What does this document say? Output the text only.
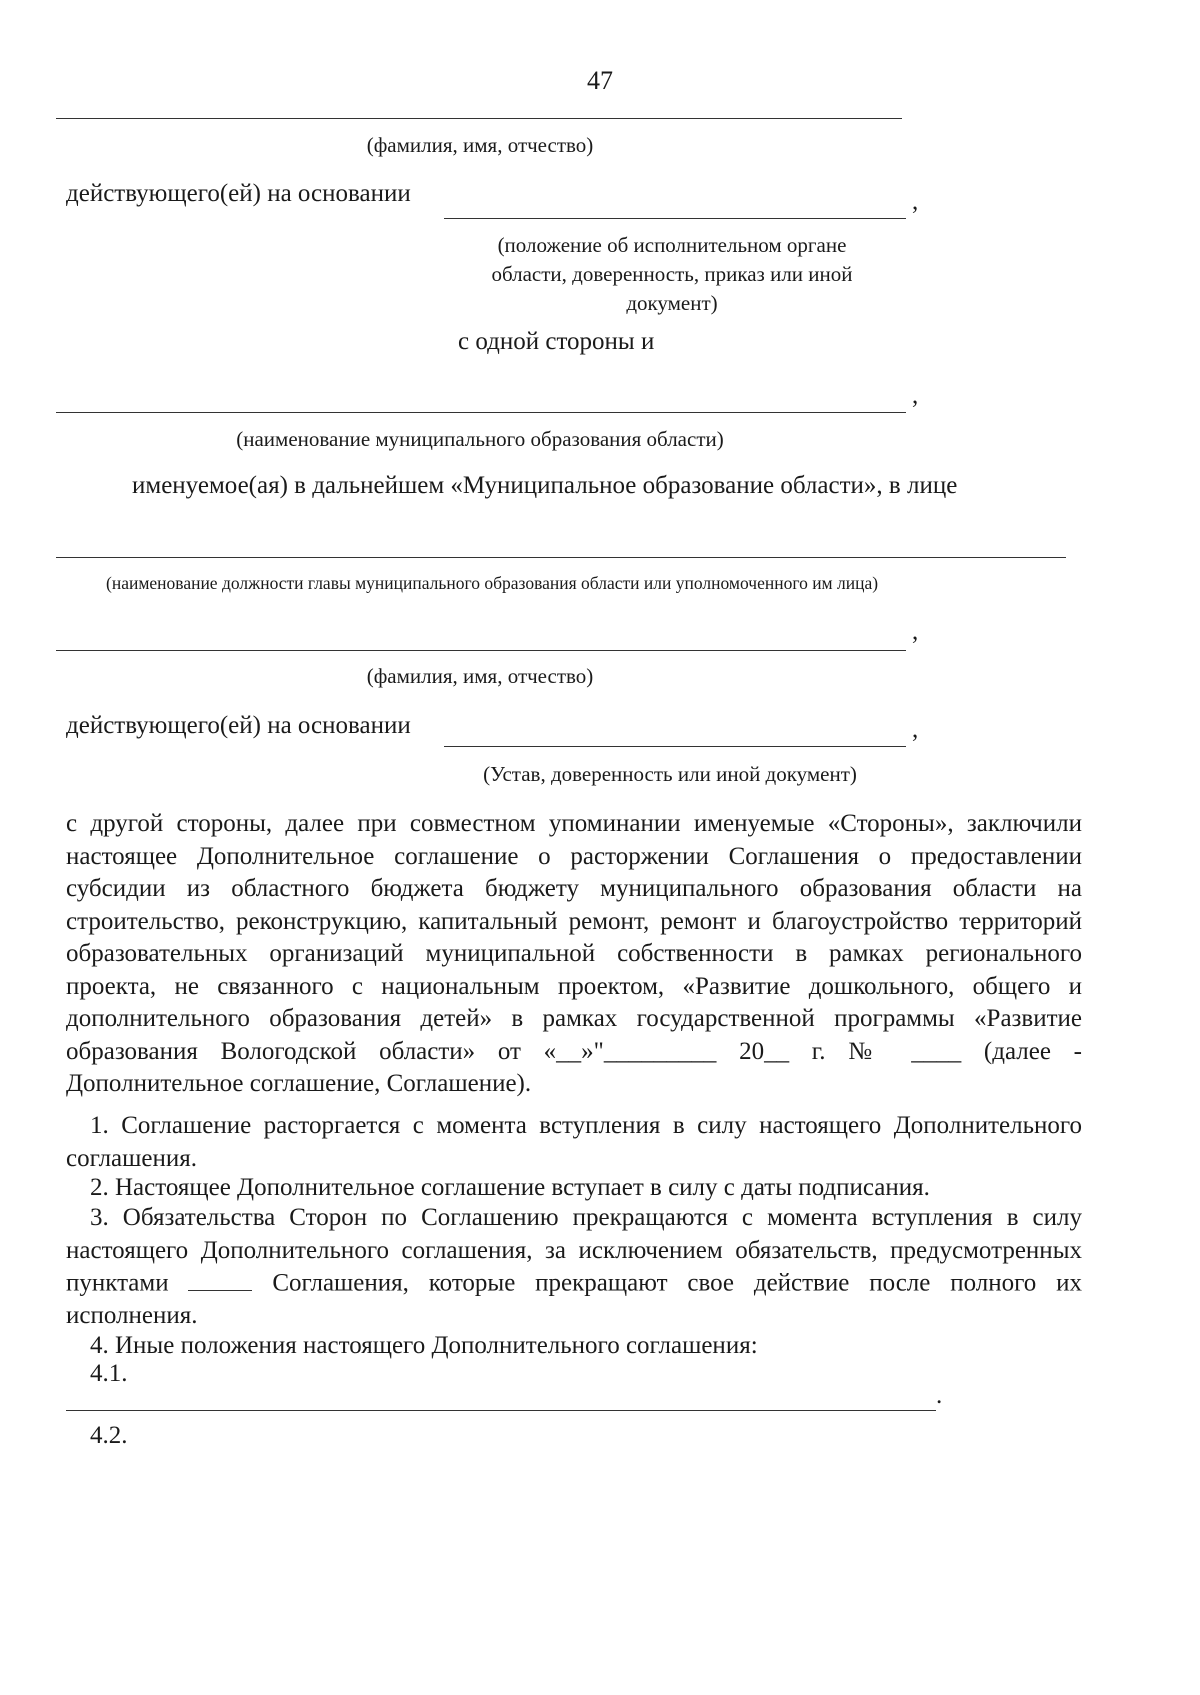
47
(фамилия, имя, отчество)
действующего(ей) на основании	,
(положение об исполнительном органе области, доверенность, приказ или иной документ)
с одной стороны и
,
(наименование муниципального образования области)
именуемое(ая) в дальнейшем «Муниципальное образование области», в лице
(наименование должности главы муниципального образования области или уполномоченного им лица)
,
(фамилия, имя, отчество)
действующего(ей) на основании	,
(Устав, доверенность или иной документ)
с другой стороны, далее при совместном упоминании именуемые «Стороны», заключили настоящее Дополнительное соглашение о расторжении Соглашения о предоставлении субсидии из областного бюджета бюджету муниципального образования области на строительство, реконструкцию, капитальный ремонт, ремонт и благоустройство территорий образовательных организаций муниципальной собственности в рамках регионального проекта, не связанного с национальным проектом, «Развитие дошкольного, общего и дополнительного образования детей» в рамках государственной программы «Развитие образования Вологодской области» от «__»"_________ 20__ г. № ____ (далее - Дополнительное соглашение, Соглашение).
1. Соглашение расторгается с момента вступления в силу настоящего Дополнительного соглашения.
2. Настоящее Дополнительное соглашение вступает в силу с даты подписания.
3. Обязательства Сторон по Соглашению прекращаются с момента вступления в силу настоящего Дополнительного соглашения, за исключением обязательств, предусмотренных пунктами	Соглашения, которые прекращают свое действие после полного их исполнения.
4. Иные положения настоящего Дополнительного соглашения:
4.1.
.
4.2.
